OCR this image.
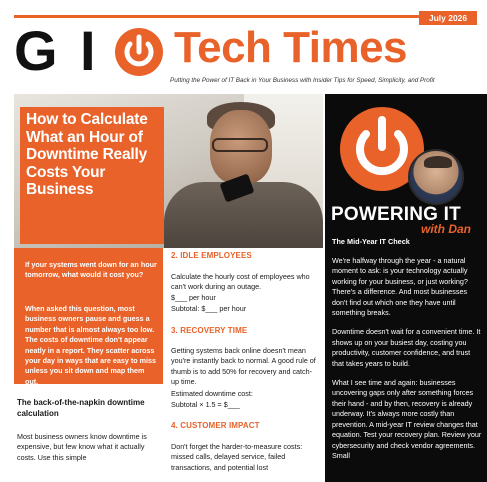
July 2026
G I Tech Times
Putting the Power of IT Back in Your Business with Insider Tips for Speed, Simplicity, and Profit
How to Calculate What an Hour of Downtime Really Costs Your Business
If your systems went down for an hour tomorrow, what would it cost you?
When asked this question, most business owners pause and guess a number that is almost always too low. The costs of downtime don't appear neatly in a report. They scatter across your day in ways that are easy to miss unless you sit down and map them out.
The back-of-the-napkin downtime calculation
Most business owners know downtime is expensive, but few know what it actually costs. Use this simple
2. IDLE EMPLOYEES
Calculate the hourly cost of employees who can't work during an outage.
$___ per hour
Subtotal: $___ per hour
3. RECOVERY TIME
Getting systems back online doesn't mean you're instantly back to normal. A good rule of thumb is to add 50% for recovery and catch-up time.
Estimated downtime cost:
Subtotal × 1.5 = $___
4. CUSTOMER IMPACT
Don't forget the harder-to-measure costs: missed calls, delayed service, failed transactions, and potential lost
POWERING IT
with Dan
The Mid-Year IT Check

We're halfway through the year - a natural moment to ask: is your technology actually working for your business, or just working? There's a difference. And most businesses don't find out which one they have until something breaks.

Downtime doesn't wait for a convenient time. It shows up on your busiest day, costing you productivity, customer confidence, and trust that takes years to build.

What I see time and again: businesses uncovering gaps only after something forces their hand - and by then, recovery is already underway. It's always more costly than prevention. A mid-year IT review changes that equation. Test your recovery plan. Review your cybersecurity and check vendor agreements. Small
